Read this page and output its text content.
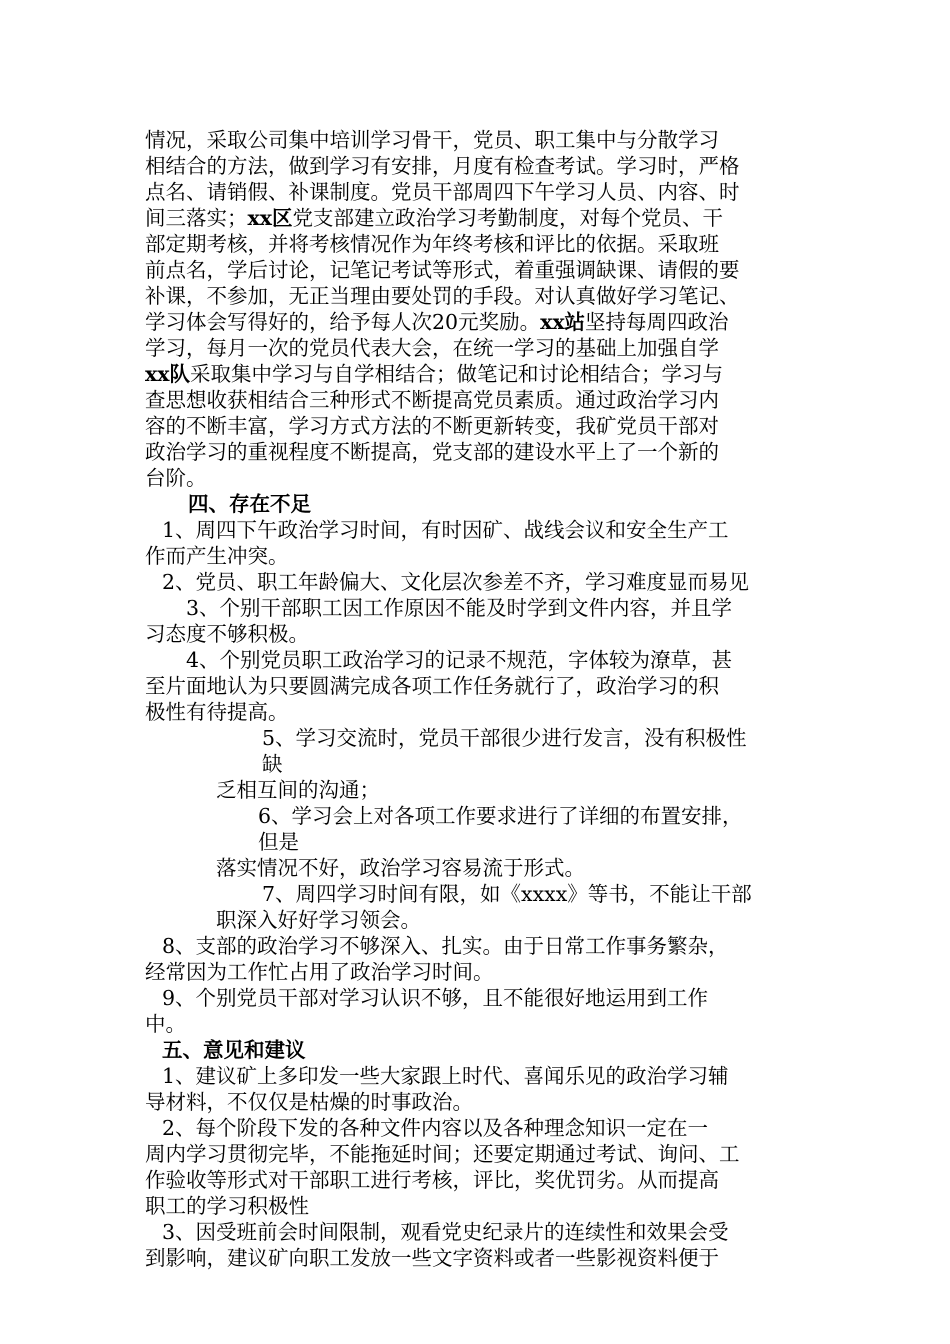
情况，采取公司集中培训学习骨干，党员、职工集中与分散学习
相结合的方法，做到学习有安排，月度有检查考试。学习时，严格
点名、请销假、补课制度。党员干部周四下午学习人员、内容、时
间三落实；xx区党支部建立政治学习考勤制度，对每个党员、干
部定期考核，并将考核情况作为年终考核和评比的依据。采取班
前点名，学后讨论，记笔记考试等形式，着重强调缺课、请假的要
补课，不参加，无正当理由要处罚的手段。对认真做好学习笔记、
学习体会写得好的，给予每人次20元奖励。xx站坚持每周四政治
学习，每月一次的党员代表大会，在统一学习的基础上加强自学
xx队采取集中学习与自学相结合；做笔记和讨论相结合；学习与
查思想收获相结合三种形式不断提高党员素质。通过政治学习内
容的不断丰富，学习方式方法的不断更新转变，我矿党员干部对
政治学习的重视程度不断提高，党支部的建设水平上了一个新的
台阶。
四、存在不足
1、周四下午政治学习时间，有时因矿、战线会议和安全生产工
作而产生冲突。
2、党员、职工年龄偏大、文化层次参差不齐，学习难度显而易见
3、个别干部职工因工作原因不能及时学到文件内容，并且学
习态度不够积极。
4、个别党员职工政治学习的记录不规范，字体较为潦草，甚
至片面地认为只要圆满完成各项工作任务就行了，政治学习的积
极性有待提高。
5、学习交流时，党员干部很少进行发言，没有积极性
缺
乏相互间的沟通；
6、学习会上对各项工作要求进行了详细的布置安排，
但是
落实情况不好，政治学习容易流于形式。
7、周四学习时间有限，如《xxxx》等书，不能让干部
职深入好好学习领会。
8、支部的政治学习不够深入、扎实。由于日常工作事务繁杂，
经常因为工作忙占用了政治学习时间。
9、个别党员干部对学习认识不够，且不能很好地运用到工作
中。
五、意见和建议
1、建议矿上多印发一些大家跟上时代、喜闻乐见的政治学习辅
导材料，不仅仅是枯燥的时事政治。
2、每个阶段下发的各种文件内容以及各种理念知识一定在一
周内学习贯彻完毕，不能拖延时间；还要定期通过考试、询问、工
作验收等形式对干部职工进行考核，评比，奖优罚劣。从而提高
职工的学习积极性
3、因受班前会时间限制，观看党史纪录片的连续性和效果会受
到影响，建议矿向职工发放一些文字资料或者一些影视资料便于
